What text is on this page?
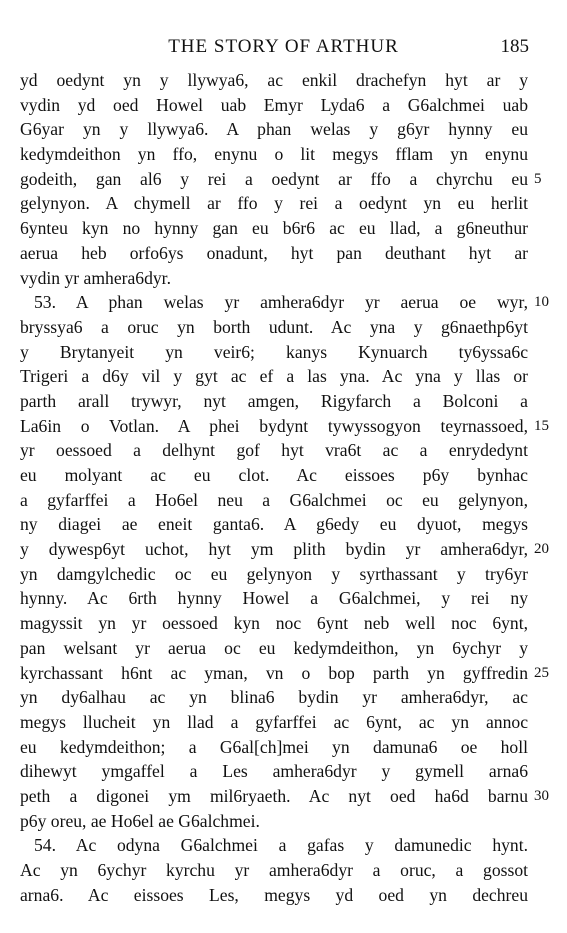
THE STORY OF ARTHUR	185
yd oedynt yn y llywya6, ac enkil drachefyn hyt ar y
vydin yd oed Howel uab Emyr Lyda6 a G6alchmei uab
G6yar yn y llywya6. A phan welas y g6yr hynny eu
kedymdeithon yn ffo, enynu o lit megys fflam yn enynu
godeith, gan al6 y rei a oedynt ar ffo a chyrchu eu 5
gelynyon. A chymell ar ffo y rei a oedynt yn eu herlit
6ynteu kyn no hynny gan eu b6r6 ac eu llad, a g6neuthur
aerua heb orfo6ys onadunt, hyt pan deuthant hyt ar
vydin yr amhera6dyr.
53. A phan welas yr amhera6dyr yr aerua oe wyr, 10
bryssya6 a oruc yn borth udunt. Ac yna y g6naethp6yt
y Brytanyeit yn veir6; kanys Kynuarch ty6yssa6c
Trigeri a d6y vil y gyt ac ef a las yna. Ac yna y llas or
parth arall trywyr, nyt amgen, Rigyfarch a Bolconi a
La6in o Votlan. A phei bydynt tywyssogyon teyrnassoed, 15
yr oessoed a delhynt gof hyt vra6t ac a enrydedynt
eu molyant ac eu clot. Ac eissoes p6y bynhac
a gyfarffei a Ho6el neu a G6alchmei oc eu gelynyon,
ny diagei ae eneit ganta6. A g6edy eu dyuot, megys
y dywesp6yt uchot, hyt ym plith bydin yr amhera6dyr, 20
yn damgylchedic oc eu gelynyon y syrthassant y try6yr
hynny. Ac 6rth hynny Howel a G6alchmei, y rei ny
magyssit yn yr oessoed kyn noc 6ynt neb well noc 6ynt,
pan welsant yr aerua oc eu kedymdeithon, yn 6ychyr y
kyrchassant h6nt ac yman, vn o bop parth yn gyffredin 25
yn dy6alhau ac yn blina6 bydin yr amhera6dyr, ac
megys llucheit yn llad a gyfarffei ac 6ynt, ac yn annoc
eu kedymdeithon; a G6al[ch]mei yn damuna6 oe holl
dihewyt ymgaffel a Les amhera6dyr y gymell arna6
peth a digonei ym mil6ryaeth. Ac nyt oed ha6d barnu 30
p6y oreu, ae Ho6el ae G6alchmei.
54. Ac odyna G6alchmei a gafas y damunedic hynt.
Ac yn 6ychyr kyrchu yr amhera6dyr a oruc, a gossot
arna6. Ac eissoes Les, megys yd oed yn dechreu
